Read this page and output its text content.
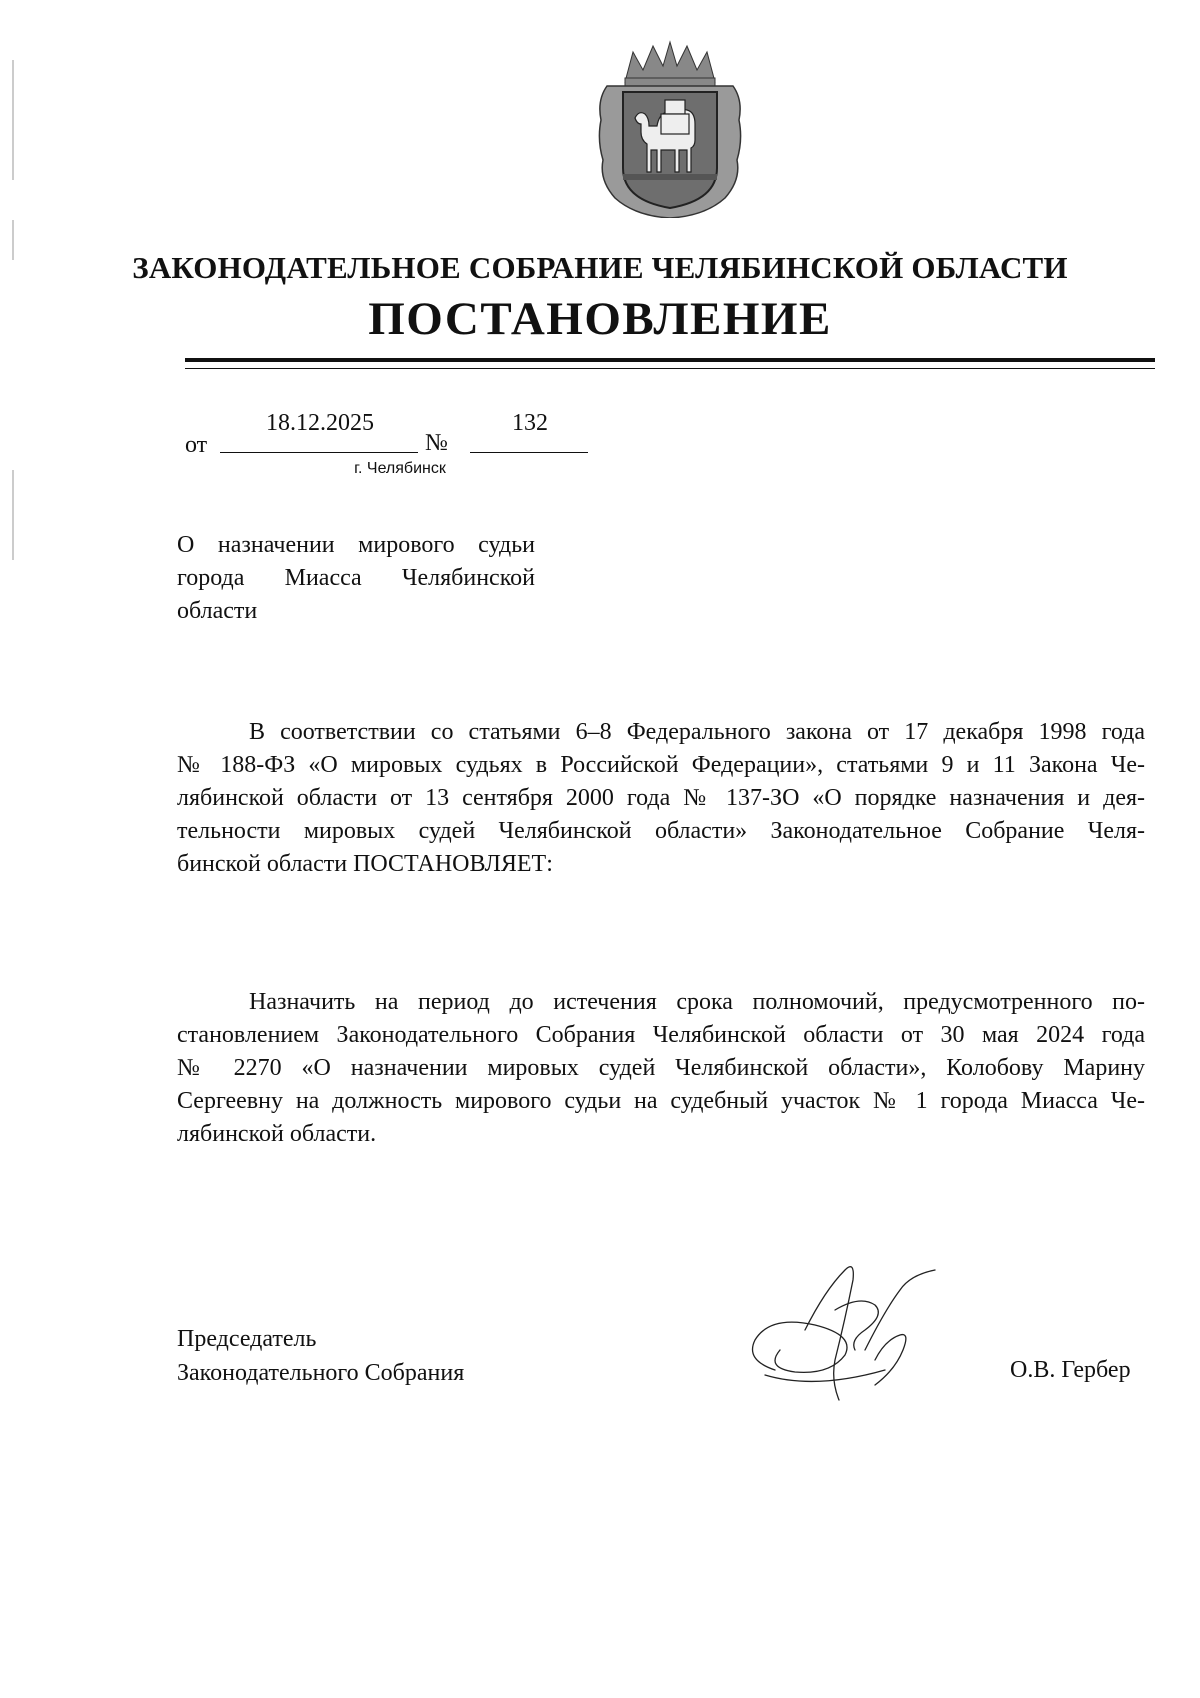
ЗАКОНОДАТЕЛЬНОЕ СОБРАНИЕ ЧЕЛЯБИНСКОЙ ОБЛАСТИ
ПОСТАНОВЛЕНИЕ
от
18.12.2025
№
132
г. Челябинск
О назначении мирового судьи города Миасса Челябинской области
В соответствии со статьями 6–8 Федерального закона от 17 декабря 1998 года
№ 188-ФЗ «О мировых судьях в Российской Федерации», статьями 9 и 11 Закона Че-
лябинской области от 13 сентября 2000 года № 137-ЗО «О порядке назначения и дея-
тельности мировых судей Челябинской области» Законодательное Собрание Челя-
бинской области ПОСТАНОВЛЯЕТ:
Назначить на период до истечения срока полномочий, предусмотренного по-
становлением Законодательного Собрания Челябинской области от 30 мая 2024 года
№ 2270 «О назначении мировых судей Челябинской области», Колобову Марину
Сергеевну на должность мирового судьи на судебный участок № 1 города Миасса Че-
лябинской области.
Председатель
Законодательного Собрания	О.В. Гербер
